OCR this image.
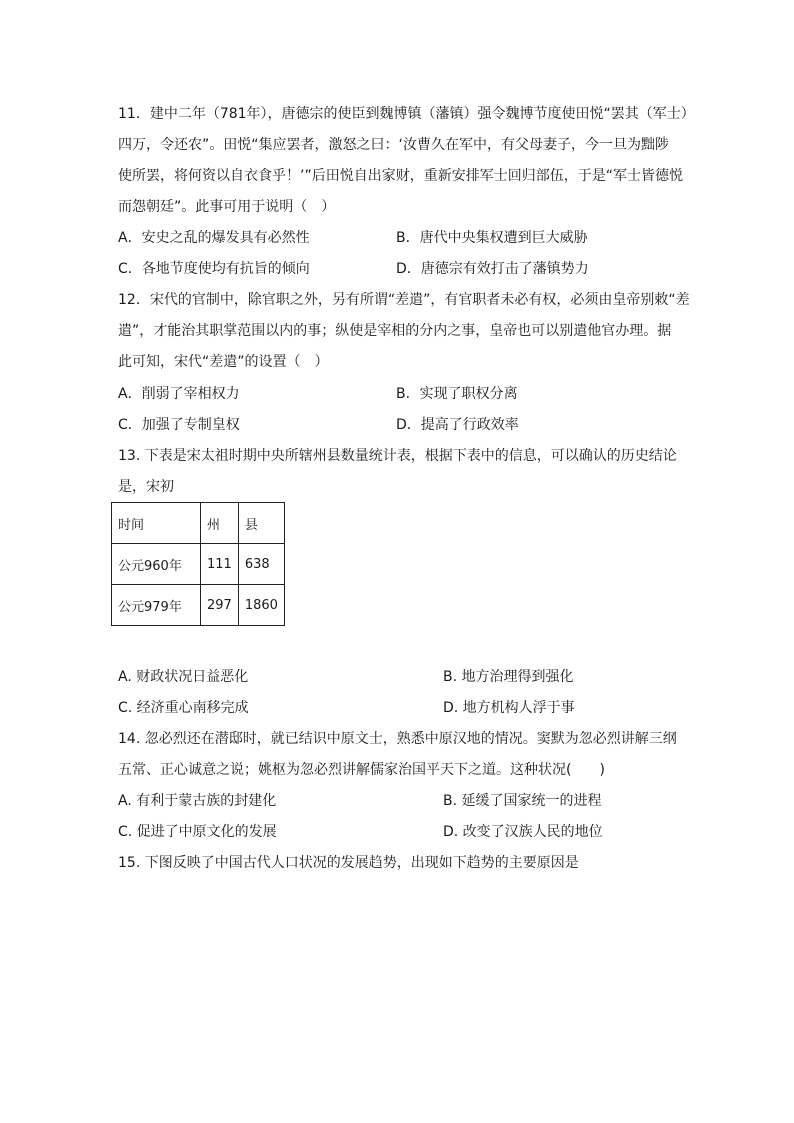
11．建中二年（781年），唐德宗的使臣到魏博镇（藩镇）强令魏博节度使田悦“罢其（军士）
四万，令还农”。田悦“集应罢者，激怒之曰：‘汝曹久在军中，有父母妻子，今一旦为黜陟
使所罢，将何资以自衣食乎！’”后田悦自出家财，重新安排军士回归部伍，于是“军士皆德悦
而怨朝廷”。此事可用于说明（　）
A．安史之乱的爆发具有必然性	B．唐代中央集权遭到巨大威胁
C．各地节度使均有抗旨的倾向	D．唐德宗有效打击了藩镇势力
12．宋代的官制中，除官职之外，另有所谓“差遣”，有官职者未必有权，必须由皇帝别敕“差
遣”，才能治其职掌范围以内的事；纵使是宰相的分内之事，皇帝也可以别遣他官办理。据
此可知，宋代“差遣”的设置（　）
A．削弱了宰相权力	B．实现了职权分离
C．加强了专制皇权	D．提高了行政效率
13. 下表是宋太祖时期中央所辖州县数量统计表，根据下表中的信息，可以确认的历史结论
是，宋初
时间	州	县
公元960年	111	638
公元979年	297	1860
A. 财政状况日益恶化	B. 地方治理得到强化
C. 经济重心南移完成	D. 地方机构人浮于事
14. 忽必烈还在潜邸时，就已结识中原文士，熟悉中原汉地的情况。窦默为忽必烈讲解三纲
五常、正心诚意之说；姚枢为忽必烈讲解儒家治国平天下之道。这种状况(　　)
A. 有利于蒙古族的封建化	B. 延缓了国家统一的进程
C. 促进了中原文化的发展	D. 改变了汉族人民的地位
15. 下图反映了中国古代人口状况的发展趋势，出现如下趋势的主要原因是
